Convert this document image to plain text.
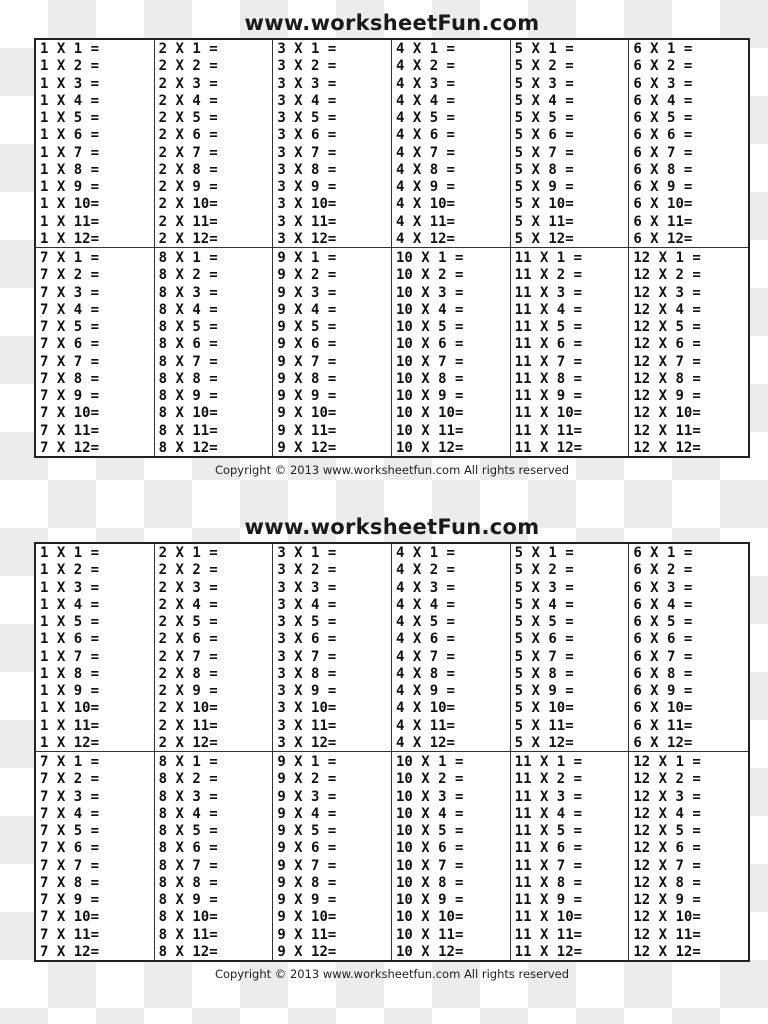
www.worksheetFun.com
1 X 1 =
1 X 2 =
1 X 3 =
1 X 4 =
1 X 5 =
1 X 6 =
1 X 7 =
1 X 8 =
1 X 9 =
1 X 10=
1 X 11=
1 X 12=
2 X 1 =
2 X 2 =
2 X 3 =
2 X 4 =
2 X 5 =
2 X 6 =
2 X 7 =
2 X 8 =
2 X 9 =
2 X 10=
2 X 11=
2 X 12=
3 X 1 =
3 X 2 =
3 X 3 =
3 X 4 =
3 X 5 =
3 X 6 =
3 X 7 =
3 X 8 =
3 X 9 =
3 X 10=
3 X 11=
3 X 12=
4 X 1 =
4 X 2 =
4 X 3 =
4 X 4 =
4 X 5 =
4 X 6 =
4 X 7 =
4 X 8 =
4 X 9 =
4 X 10=
4 X 11=
4 X 12=
5 X 1 =
5 X 2 =
5 X 3 =
5 X 4 =
5 X 5 =
5 X 6 =
5 X 7 =
5 X 8 =
5 X 9 =
5 X 10=
5 X 11=
5 X 12=
6 X 1 =
6 X 2 =
6 X 3 =
6 X 4 =
6 X 5 =
6 X 6 =
6 X 7 =
6 X 8 =
6 X 9 =
6 X 10=
6 X 11=
6 X 12=
7 X 1 =
7 X 2 =
7 X 3 =
7 X 4 =
7 X 5 =
7 X 6 =
7 X 7 =
7 X 8 =
7 X 9 =
7 X 10=
7 X 11=
7 X 12=
8 X 1 =
8 X 2 =
8 X 3 =
8 X 4 =
8 X 5 =
8 X 6 =
8 X 7 =
8 X 8 =
8 X 9 =
8 X 10=
8 X 11=
8 X 12=
9 X 1 =
9 X 2 =
9 X 3 =
9 X 4 =
9 X 5 =
9 X 6 =
9 X 7 =
9 X 8 =
9 X 9 =
9 X 10=
9 X 11=
9 X 12=
10 X 1 =
10 X 2 =
10 X 3 =
10 X 4 =
10 X 5 =
10 X 6 =
10 X 7 =
10 X 8 =
10 X 9 =
10 X 10=
10 X 11=
10 X 12=
11 X 1 =
11 X 2 =
11 X 3 =
11 X 4 =
11 X 5 =
11 X 6 =
11 X 7 =
11 X 8 =
11 X 9 =
11 X 10=
11 X 11=
11 X 12=
12 X 1 =
12 X 2 =
12 X 3 =
12 X 4 =
12 X 5 =
12 X 6 =
12 X 7 =
12 X 8 =
12 X 9 =
12 X 10=
12 X 11=
12 X 12=
Copyright © 2013 www.worksheetfun.com All rights reserved
www.worksheetFun.com
1 X 1 =
1 X 2 =
1 X 3 =
1 X 4 =
1 X 5 =
1 X 6 =
1 X 7 =
1 X 8 =
1 X 9 =
1 X 10=
1 X 11=
1 X 12=
2 X 1 =
2 X 2 =
2 X 3 =
2 X 4 =
2 X 5 =
2 X 6 =
2 X 7 =
2 X 8 =
2 X 9 =
2 X 10=
2 X 11=
2 X 12=
3 X 1 =
3 X 2 =
3 X 3 =
3 X 4 =
3 X 5 =
3 X 6 =
3 X 7 =
3 X 8 =
3 X 9 =
3 X 10=
3 X 11=
3 X 12=
4 X 1 =
4 X 2 =
4 X 3 =
4 X 4 =
4 X 5 =
4 X 6 =
4 X 7 =
4 X 8 =
4 X 9 =
4 X 10=
4 X 11=
4 X 12=
5 X 1 =
5 X 2 =
5 X 3 =
5 X 4 =
5 X 5 =
5 X 6 =
5 X 7 =
5 X 8 =
5 X 9 =
5 X 10=
5 X 11=
5 X 12=
6 X 1 =
6 X 2 =
6 X 3 =
6 X 4 =
6 X 5 =
6 X 6 =
6 X 7 =
6 X 8 =
6 X 9 =
6 X 10=
6 X 11=
6 X 12=
7 X 1 =
7 X 2 =
7 X 3 =
7 X 4 =
7 X 5 =
7 X 6 =
7 X 7 =
7 X 8 =
7 X 9 =
7 X 10=
7 X 11=
7 X 12=
8 X 1 =
8 X 2 =
8 X 3 =
8 X 4 =
8 X 5 =
8 X 6 =
8 X 7 =
8 X 8 =
8 X 9 =
8 X 10=
8 X 11=
8 X 12=
9 X 1 =
9 X 2 =
9 X 3 =
9 X 4 =
9 X 5 =
9 X 6 =
9 X 7 =
9 X 8 =
9 X 9 =
9 X 10=
9 X 11=
9 X 12=
10 X 1 =
10 X 2 =
10 X 3 =
10 X 4 =
10 X 5 =
10 X 6 =
10 X 7 =
10 X 8 =
10 X 9 =
10 X 10=
10 X 11=
10 X 12=
11 X 1 =
11 X 2 =
11 X 3 =
11 X 4 =
11 X 5 =
11 X 6 =
11 X 7 =
11 X 8 =
11 X 9 =
11 X 10=
11 X 11=
11 X 12=
12 X 1 =
12 X 2 =
12 X 3 =
12 X 4 =
12 X 5 =
12 X 6 =
12 X 7 =
12 X 8 =
12 X 9 =
12 X 10=
12 X 11=
12 X 12=
Copyright © 2013 www.worksheetfun.com All rights reserved
